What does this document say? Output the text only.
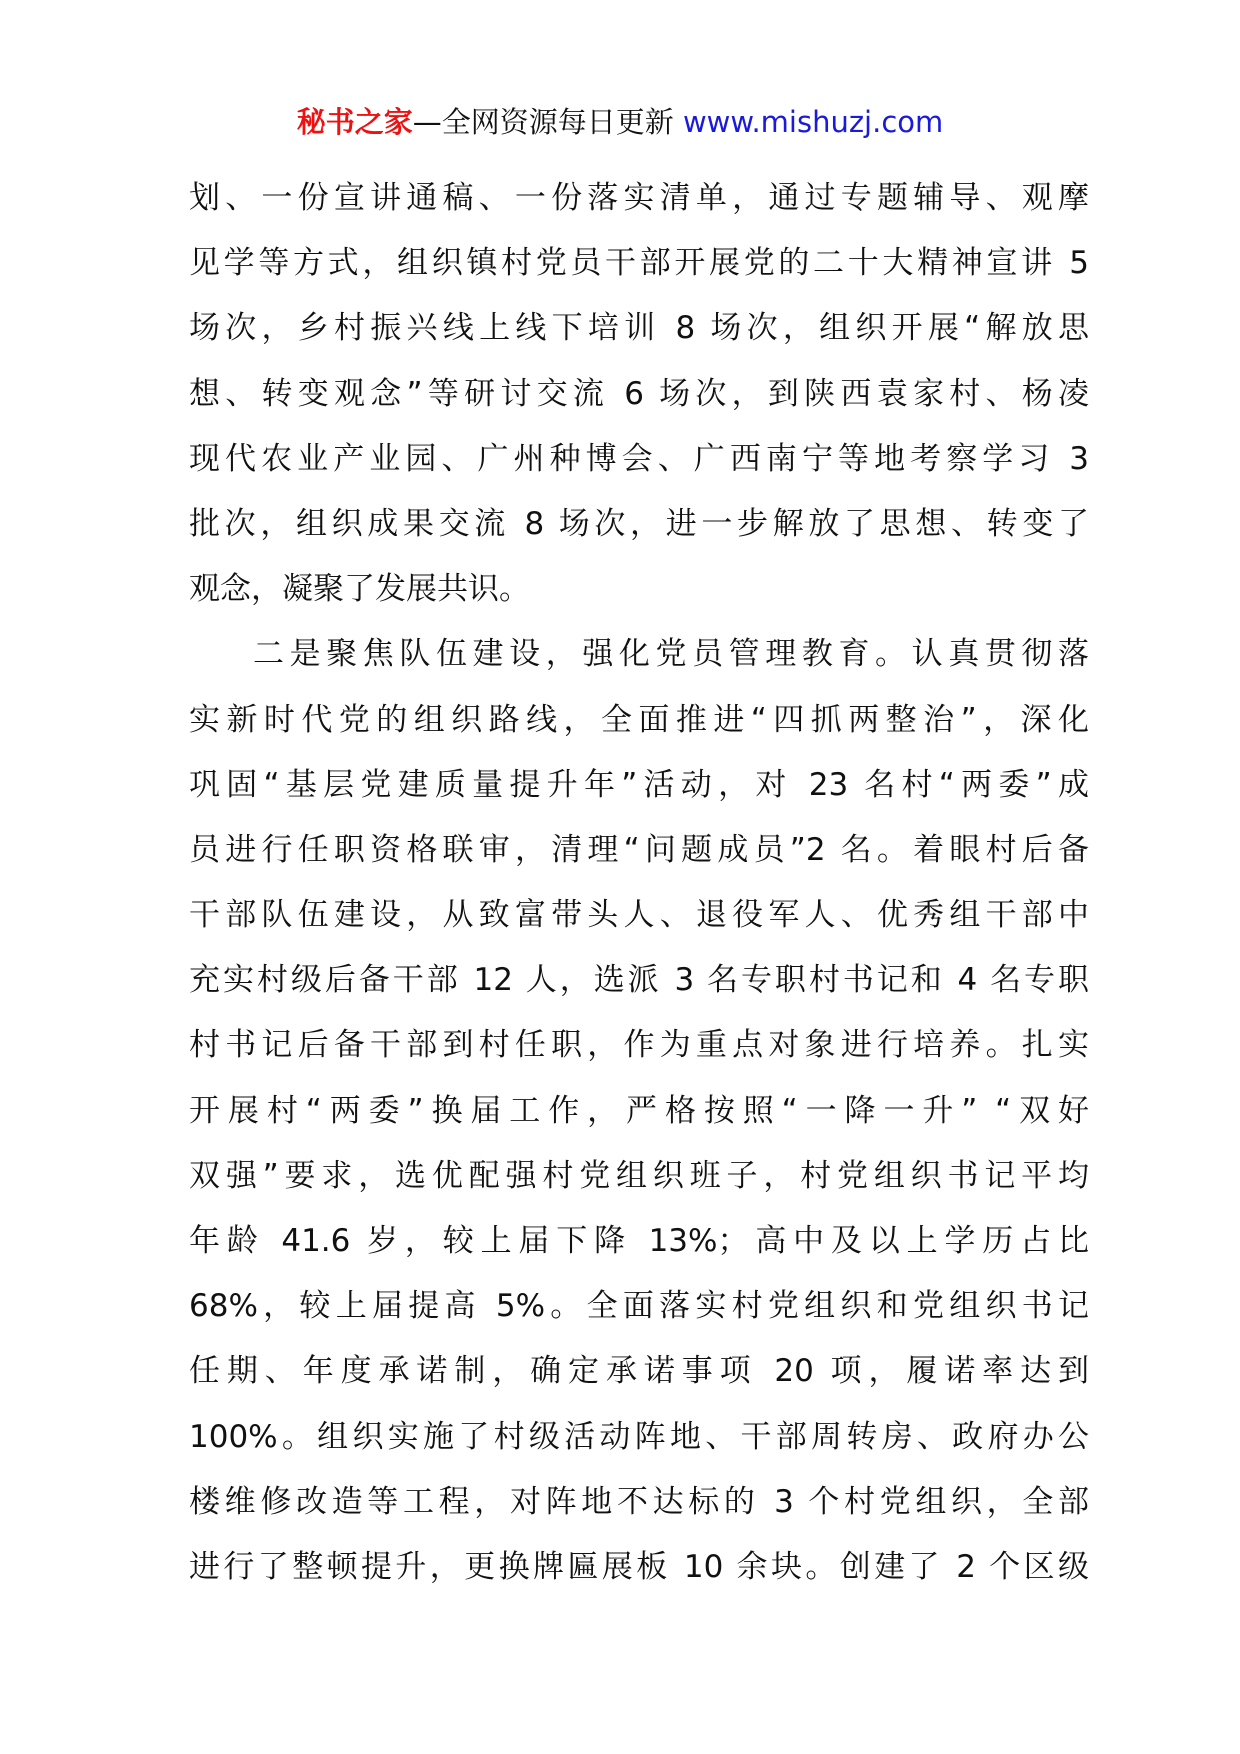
秘书之家—全网资源每日更新 www.mishuzj.com
划、一份宣讲通稿、一份落实清单，通过专题辅导、观摩
见学等方式，组织镇村党员干部开展党的二十大精神宣讲 5
场次，乡村振兴线上线下培训 8 场次，组织开展“解放思
想、转变观念”等研讨交流 6 场次，到陕西袁家村、杨凌
现代农业产业园、广州种博会、广西南宁等地考察学习 3
批次，组织成果交流 8 场次，进一步解放了思想、转变了
观念，凝聚了发展共识。
二是聚焦队伍建设，强化党员管理教育。认真贯彻落
实新时代党的组织路线，全面推进“四抓两整治”，深化
巩固“基层党建质量提升年”活动，对 23 名村“两委”成
员进行任职资格联审，清理“问题成员”2 名。着眼村后备
干部队伍建设，从致富带头人、退役军人、优秀组干部中
充实村级后备干部 12 人，选派 3 名专职村书记和 4 名专职
村书记后备干部到村任职，作为重点对象进行培养。扎实
开展村“两委”换届工作，严格按照“一降一升” “双好
双强”要求，选优配强村党组织班子，村党组织书记平均
年龄 41.6 岁，较上届下降 13%；高中及以上学历占比
68%，较上届提高 5%。全面落实村党组织和党组织书记
任期、年度承诺制，确定承诺事项 20 项，履诺率达到
100%。组织实施了村级活动阵地、干部周转房、政府办公
楼维修改造等工程，对阵地不达标的 3 个村党组织，全部
进行了整顿提升，更换牌匾展板 10 余块。创建了 2 个区级
